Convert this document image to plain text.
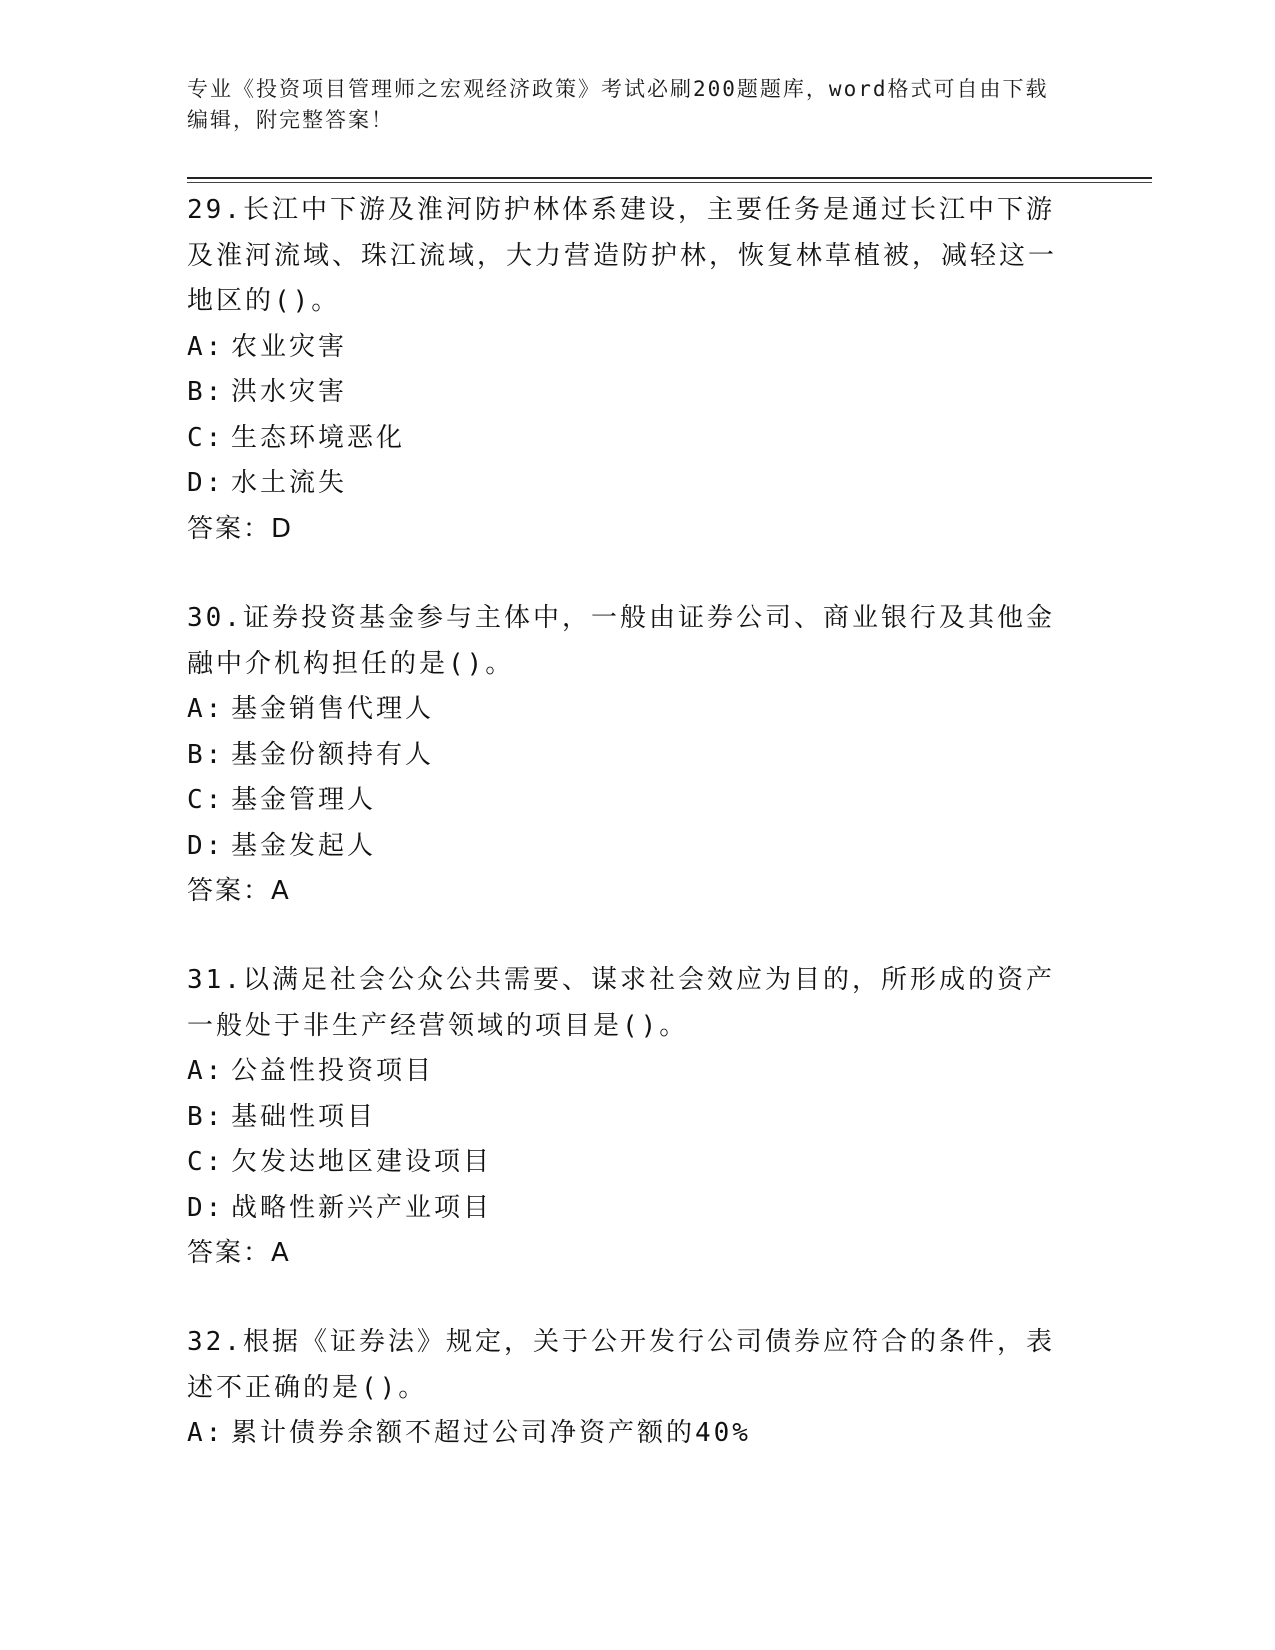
专业《投资项目管理师之宏观经济政策》考试必刷200题题库，word格式可自由下载编辑，附完整答案！

29.长江中下游及淮河防护林体系建设，主要任务是通过长江中下游及淮河流域、珠江流域，大力营造防护林，恢复林草植被，减轻这一地区的()。

A: 农业灾害

B: 洪水灾害

C: 生态环境恶化

D: 水土流失

答案：D

30.证券投资基金参与主体中，一般由证券公司、商业银行及其他金融中介机构担任的是()。

A: 基金销售代理人

B: 基金份额持有人

C: 基金管理人

D: 基金发起人

答案：A

31.以满足社会公众公共需要、谋求社会效应为目的，所形成的资产一般处于非生产经营领域的项目是()。

A: 公益性投资项目

B: 基础性项目

C: 欠发达地区建设项目

D: 战略性新兴产业项目

答案：A

32.根据《证券法》规定，关于公开发行公司债券应符合的条件，表述不正确的是()。

A: 累计债券余额不超过公司净资产额的40%
